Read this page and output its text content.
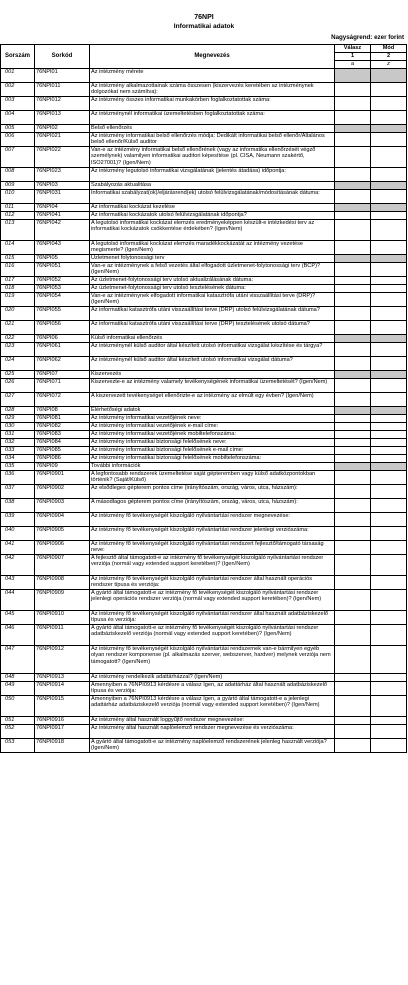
76NPI
Informatikai adatok
Nagyságrend: ezer forint
Sorszám	Sorkód	Megnevezés	Válasz	Mód
			1	2
			a	z
001	76NPI01	Az intézmény mérete		
002	76NPI011	Az intézmény alkalmazottainak száma összesen (kiszervezés keretében az intézménynek dolgozókat nem számítva):		
003	76NPI012	Az intézmény összes informatikai munkakörben foglalkoztatottak száma:		
004	76NPI013	Az intézménynél informatikai üzemeltetésben foglalkoztatottak száma:		
005	76NPI02	Belső ellenőrzés		
006	76NPI021	Az intézmény informatikai belső ellenőrzés módja: Dedikált informatikai belső ellenőr/Általános belső ellenőr/Külső auditor		
007	76NPI022	Van-e az intézmény informatikai belső ellenőrének (vagy az informatika ellenőrzését végző személynek) valamilyen informatikai auditori képesítése (pl. CISA, Neumann szakértő, ISO27001)? (Igen/Nem)		
008	76NPI023	Az intézmény legutolsó informatikai vizsgálatának (jelentés átadása) időpontja:		
009	76NPI03	Szabályozás aktualitása		
010	76NPI031	Informatikai szabályzat(ok)/eljárásrend(ek) utolsó felülvizsgálatának/módosításának dátuma:		
011	76NPI04	Az informatikai kockázat kezelése		
012	76NPI041	Az informatikai kockázatok utolsó felülvizsgálatának időpontja?		
013	76NPI042	A legutolsó informatikai kockázat elemzés eredményeképpen készült-e intézkedési terv az informatikai kockázatok csökkentése érdekében? (Igen/Nem)		
014	76NPI043	A legutolsó informatikai kockázat elemzés maradékkockázatát az intézmény vezetése megismerte? (Igen/Nem)		
015	76NPI05	Üzletmenet folytonossági terv		
016	76NPI051	Van-e az intézménynek a felső vezetés által elfogadott üzletmenet-folytonossági terv (BCP)? (Igen/Nem)		
017	76NPI052	Az üzletmenet-folytonossági terv utolsó aktualizálásának dátuma:		
018	76NPI053	Az üzletmenet-folytonossági terv utolsó tesztelésének dátuma:		
019	76NPI054	Van-e az intézménynek elfogadott informatikai katasztrófa utáni visszaállítási terve (DRP)? (Igen/Nem)		
020	76NPI055	Az informatikai katasztrófa utáni visszaállítási terve (DRP) utolsó felülvizsgálatának dátuma?		
021	76NPI056	Az informatikai katasztrófa utáni visszaállítási terve (DRP) tesztelésének utolsó dátuma?		
022	76NPI06	Külső informatikai ellenőrzés		
023	76NPI061	Az intézménynél külső auditor által készített utolsó informatikai vizsgálat készítése és tárgya?		
024	76NPI062	Az intézménynél külső auditor által készített utolsó informatikai vizsgálat dátuma?		
025	76NPI07	Kiszervezés		
026	76NPI071	Kiszervezte-e az intézmény valamely tevékenységének informatikai üzemeltetését? (Igen/Nem)		
027	76NPI072	A kiszervezett tevékenységet ellenőrizte-e az intézmény az elmúlt egy évben? (Igen/Nem)		
028	76NPI08	Elérhetőségi adatok		
029	76NPI081	Az intézmény informatikai vezetőjének neve:		
030	76NPI082	Az intézmény informatikai vezetőjének e-mail címe:		
031	76NPI083	Az intézmény informatikai vezetőjének mobiltelefonszáma:		
032	76NPI084	Az intézmény informatikai biztonsági felelősének neve:		
033	76NPI085	Az intézmény informatikai biztonsági felelősének e-mail címe:		
034	76NPI086	Az intézmény informatikai biztonsági felelősének mobiltelefonszáma:		
035	76NPI09	További információk		
036	76NPI0901	A legfontosabb rendszerek üzemeltetése saját gépteremben vagy külső adatközpontokban történik? (Saját/Külső)		
037	76NPI0902	Az elsődleges gépterem pontos címe (irányítószám, ország, város, utca, házszám):		
038	76NPI0903	A másodlagos gépterem pontos címe (irányítószám, ország, város, utca, házszám):		
039	76NPI0904	Az intézmény fő tevékenységét kiszolgáló nyilvántartási rendszer megnevezése:		
040	76NPI0905	Az intézmény fő tevékenységét kiszolgáló nyilvántartási rendszer jelenlegi verziószáma:		
041	76NPI0906	Az intézmény fő tevékenységét kiszolgáló nyilvántartási rendszert fejlesztő/támogató társaság neve:		
042	76NPI0907	A fejlesztő által támogatott-e az intézmény fő tevékenységét kiszolgáló nyilvántartási rendszer verziója (normál vagy extended support keretében)? (Igen/Nem)		
043	76NPI0908	Az intézmény fő tevékenységét kiszolgáló nyilvántartási rendszer által használt operációs rendszer típusa és verziója:		
044	76NPI0909	A gyártó által támogatott-e az intézmény fő tevékenységét kiszolgáló nyilvántartási rendszer jelenlegi operációs rendszer verziója (normál vagy extended support keretében)? (Igen/Nem)		
045	76NPI0910	Az intézmény fő tevékenységét kiszolgáló nyilvántartási rendszer által használt adatbáziskezelő típusa és verziója:		
046	76NPI0911	A gyártó által támogatott-e az intézmény fő tevékenységét kiszolgáló nyilvántartási rendszer adatbáziskezelő verziója (normál vagy extended support keretében)? (Igen/Nem)		
047	76NPI0912	Az intézmény fő tevékenységét kiszolgáló nyilvántartási rendszernek van-e bármilyen egyéb olyan rendszer komponense (pl. alkalmazás szerver, webszerver, hardver) melynek verziója nem támogatott? (Igen/Nem)		
048	76NPI0913	Az intézmény rendelkezik adattárházzal? (Igen/Nem)		
049	76NPI0914	Amennyiben a 76NPI0913 kérdésre a válasz Igen, az adattárház által használt adatbáziskezelő típusa és verziója:		
050	76NPI0915	Amennyiben a 76NPI0913 kérdésre a válasz Igen, a gyártó által támogatott-e a jelenlegi adattárház adatbáziskezelő verziója (normál vagy extended support keretében)? (Igen/Nem)		
051	76NPI0916	Az intézmény által használt loggyűjtő rendszer megnevezése:		
052	76NPI0917	Az intézmény által használt naplóelemző rendszer megnevezése és verziószáma:		
053	76NPI0918	A gyártó által támogatott-e az intézmény naplóelemző rendszerének jelenleg használt verziója? (Igen/Nem)		
